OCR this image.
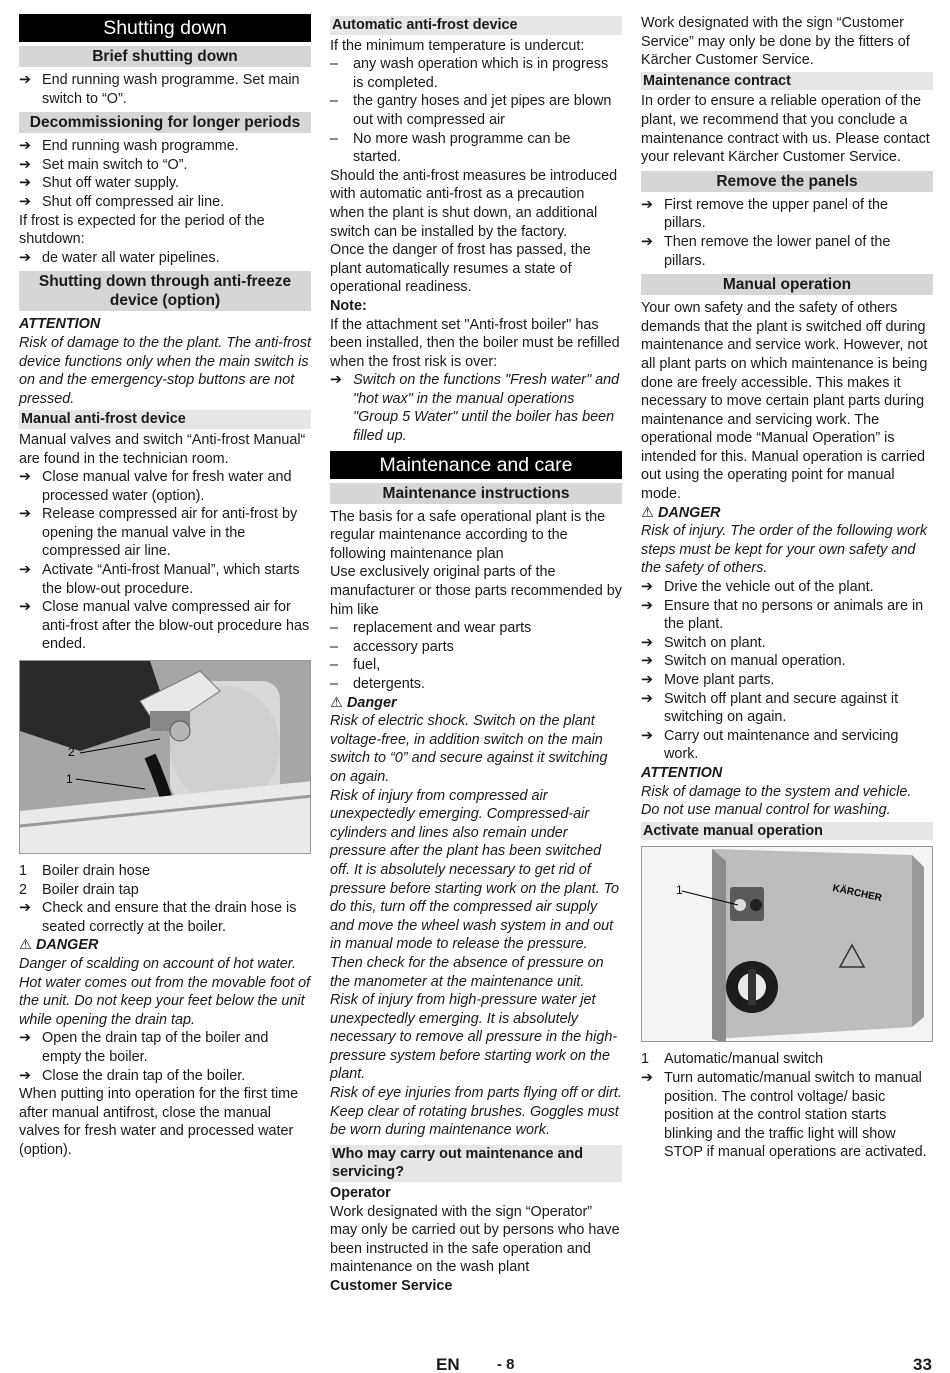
Shutting down
Brief shutting down
➔ End running wash programme. Set main switch to “O”.
Decommissioning for longer periods
➔ End running wash programme.
➔ Set main switch to “O”.
➔ Shut off water supply.
➔ Shut off compressed air line.

If frost is expected for the period of the shutdown:

➔ de water all water pipelines.
Shutting down through anti-freeze device (option)
ATTENTION

Risk of damage to the the plant. The anti-frost device functions only when the main switch is on and the emergency-stop buttons are not pressed.

Manual anti-frost device

Manual valves and switch “Anti-frost Manual“ are found in the technician room.

➔ Close manual valve for fresh water and processed water (option).
➔ Release compressed air for anti-frost by opening the manual valve in the compressed air line.
➔ Activate “Anti-frost Manual”, which starts the blow-out procedure.
➔ Close manual valve compressed air for anti-frost after the blow-out procedure has ended.
2
1
1	Boiler drain hose
2	Boiler drain tap
➔ Check and ensure that the drain hose is seated correctly at the boiler.
⚠ DANGER

Danger of scalding on account of hot water. Hot water comes out from the movable foot of the unit. Do not keep your feet below the unit while opening the drain tap.

➔ Open the drain tap of the boiler and empty the boiler.
➔ Close the drain tap of the boiler.

When putting into operation for the first time after manual antifrost, close the manual valves for fresh water and processed water (option).

Automatic anti-frost device

If the minimum temperature is undercut:

–	any wash operation which is in progress is completed.
–	the gantry hoses and jet pipes are blown out with compressed air
–	No more wash programme can be started.

Should the anti-frost measures be introduced with automatic anti-frost as a precaution when the plant is shut down, an additional switch can be installed by the factory.

Once the danger of frost has passed, the plant automatically resumes a state of operational readiness.

Note:

If the attachment set "Anti-frost boiler" has been installed, then the boiler must be refilled when the frost risk is over:

➔ Switch on the functions "Fresh water" and "hot wax" in the manual operations "Group 5 Water" until the boiler has been filled up.
Maintenance and care
Maintenance instructions

The basis for a safe operational plant is the regular maintenance according to the following maintenance plan

Use exclusively original parts of the manufacturer or those parts recommended by him like

–	replacement and wear parts
–	accessory parts
–	fuel,
–	detergents.
⚠ Danger

Risk of electric shock. Switch on the plant voltage-free, in addition switch on the main switch to “0” and secure against it switching on again.

Risk of injury from compressed air unexpectedly emerging. Compressed-air cylinders and lines also remain under pressure after the plant has been switched off. It is absolutely necessary to get rid of pressure before starting work on the plant. To do this, turn off the compressed air supply and move the wheel wash system in and out in manual mode to release the pressure. Then check for the absence of pressure on the manometer at the maintenance unit.

Risk of injury from high-pressure water jet unexpectedly emerging. It is absolutely necessary to remove all pressure in the high-pressure system before starting work on the plant.

Risk of eye injuries from parts flying off or dirt. Keep clear of rotating brushes. Goggles must be worn during maintenance work.

Who may carry out maintenance and servicing?
Operator

Work designated with the sign “Operator” may only be carried out by persons who have been instructed in the safe operation and maintenance on the wash plant

Customer Service

Work designated with the sign “Customer Service” may only be done by the fitters of Kärcher Customer Service.

Maintenance contract

In order to ensure a reliable operation of the plant, we recommend that you conclude a maintenance contract with us. Please contact your relevant Kärcher Customer Service.

Remove the panels
➔ First remove the upper panel of the pillars.
➔ Then remove the lower panel of the pillars.
Manual operation

Your own safety and the safety of others demands that the plant is switched off during maintenance and service work. However, not all plant parts on which maintenance is being done are freely accessible. This makes it necessary to move certain plant parts during maintenance and servicing work. The operational mode “Manual Operation” is intended for this. Manual operation is carried out using the operating point for manual mode.

⚠ DANGER

Risk of injury. The order of the following work steps must be kept for your own safety and the safety of others.

➔ Drive the vehicle out of the plant.
➔ Ensure that no persons or animals are in the plant.
➔ Switch on plant.
➔ Switch on manual operation.
➔ Move plant parts.
➔ Switch off plant and secure against it switching on again.
➔ Carry out maintenance and servicing work.
ATTENTION

Risk of damage to the system and vehicle. Do not use manual control for washing.

Activate manual operation
1	KÄRCHER
1	Automatic/manual switch
➔ Turn automatic/manual switch to manual position. The control voltage/ basic position at the control station starts blinking and the traffic light will show STOP if manual operations are activated.
EN - 8	33
